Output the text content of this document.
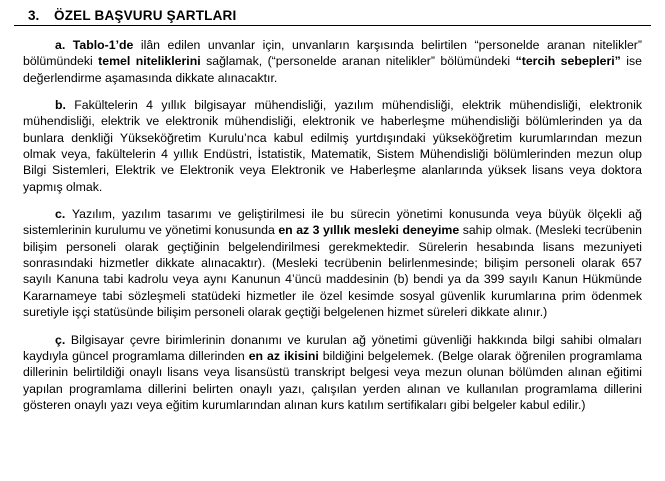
3.	ÖZEL BAŞVURU ŞARTLARI
a. Tablo-1’de ilân edilen unvanlar için, unvanların karşısında belirtilen “personelde aranan nitelikler” bölümündeki temel niteliklerini sağlamak, (“personelde aranan nitelikler” bölümündeki “tercih sebepleri” ise değerlendirme aşamasında dikkate alınacaktır.
b. Fakültelerin 4 yıllık bilgisayar mühendisliği, yazılım mühendisliği, elektrik mühendisliği, elektronik mühendisliği, elektrik ve elektronik mühendisliği, elektronik ve haberleşme mühendisliği bölümlerinden ya da bunlara denkliği Yükseköğretim Kurulu’nca kabul edilmiş yurtdışındaki yükseköğretim kurumlarından mezun olmak veya, fakültelerin 4 yıllık Endüstri, İstatistik, Matematik, Sistem Mühendisliği bölümlerinden mezun olup Bilgi Sistemleri, Elektrik ve Elektronik veya Elektronik ve Haberleşme alanlarında yüksek lisans veya doktora yapmış olmak.
c. Yazılım, yazılım tasarımı ve geliştirilmesi ile bu sürecin yönetimi konusunda veya büyük ölçekli ağ sistemlerinin kurulumu ve yönetimi konusunda en az 3 yıllık mesleki deneyime sahip olmak. (Mesleki tecrübenin bilişim personeli olarak geçtiğinin belgelendirilmesi gerekmektedir. Sürelerin hesabında lisans mezuniyeti sonrasındaki hizmetler dikkate alınacaktır). (Mesleki tecrübenin belirlenmesinde; bilişim personeli olarak 657 sayılı Kanuna tabi kadrolu veya aynı Kanunun 4’üncü maddesinin (b) bendi ya da 399 sayılı Kanun Hükmünde Kararnameye tabi sözleşmeli statüdeki hizmetler ile özel kesimde sosyal güvenlik kurumlarına prim ödenmek suretiyle işçi statüsünde bilişim personeli olarak geçtiği belgelenen hizmet süreleri dikkate alınır.)
ç. Bilgisayar çevre birimlerinin donanımı ve kurulan ağ yönetimi güvenliği hakkında bilgi sahibi olmaları kaydıyla güncel programlama dillerinden en az ikisini bildiğini belgelemek. (Belge olarak öğrenilen programlama dillerinin belirtildiği onaylı lisans veya lisansüstü transkript belgesi veya mezun olunan bölümden alınan eğitimi yapılan programlama dillerini belirten onaylı yazı, çalışılan yerden alınan ve kullanılan programlama dillerini gösteren onaylı yazı veya eğitim kurumlarından alınan kurs katılım sertifikaları gibi belgeler kabul edilir.)
